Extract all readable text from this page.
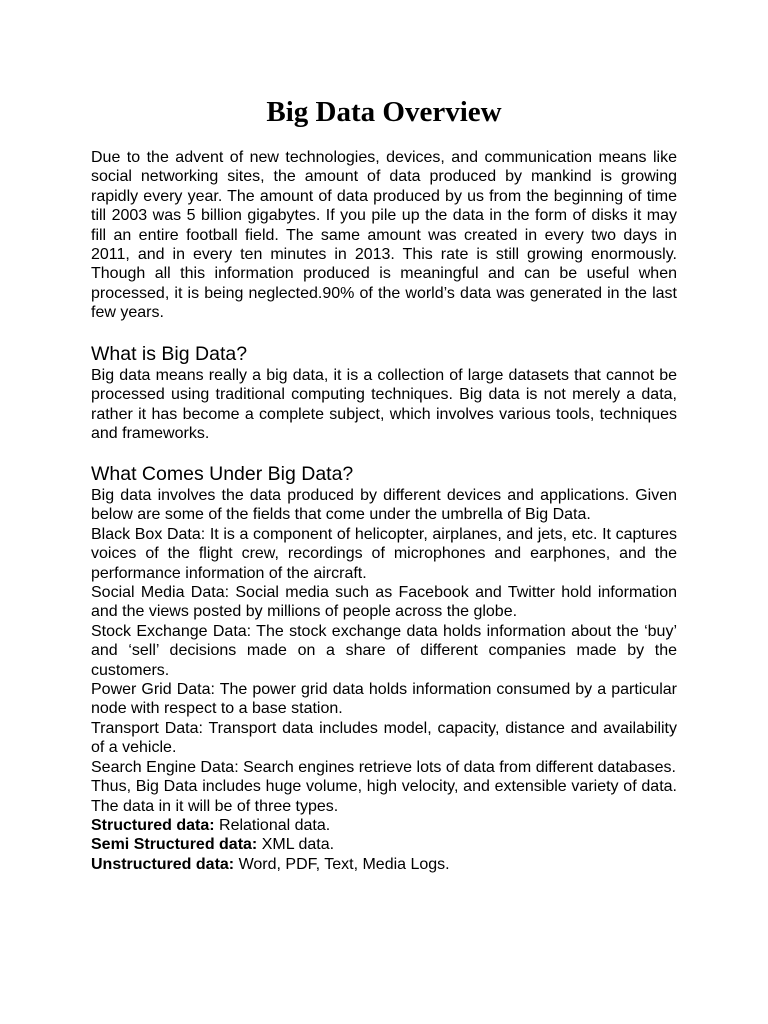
Big Data Overview

Due to the advent of new technologies, devices, and communication means like social networking sites, the amount of data produced by mankind is growing rapidly every year. The amount of data produced by us from the beginning of time till 2003 was 5 billion gigabytes. If you pile up the data in the form of disks it may fill an entire football field. The same amount was created in every two days in 2011, and in every ten minutes in 2013. This rate is still growing enormously. Though all this information produced is meaningful and can be useful when processed, it is being neglected.90% of the world’s data was generated in the last few years.

What is Big Data?

Big data means really a big data, it is a collection of large datasets that cannot be processed using traditional computing techniques. Big data is not merely a data, rather it has become a complete subject, which involves various tools, techniques and frameworks.

What Comes Under Big Data?

Big data involves the data produced by different devices and applications. Given below are some of the fields that come under the umbrella of Big Data.

Black Box Data: It is a component of helicopter, airplanes, and jets, etc. It captures voices of the flight crew, recordings of microphones and earphones, and the performance information of the aircraft.

Social Media Data: Social media such as Facebook and Twitter hold information and the views posted by millions of people across the globe.

Stock Exchange Data: The stock exchange data holds information about the ‘buy’ and ‘sell’ decisions made on a share of different companies made by the customers.

Power Grid Data: The power grid data holds information consumed by a particular node with respect to a base station.

Transport Data: Transport data includes model, capacity, distance and availability of a vehicle.

Search Engine Data: Search engines retrieve lots of data from different databases.

Thus, Big Data includes huge volume, high velocity, and extensible variety of data. The data in it will be of three types.

Structured data: Relational data.
Semi Structured data: XML data.
Unstructured data: Word, PDF, Text, Media Logs.
